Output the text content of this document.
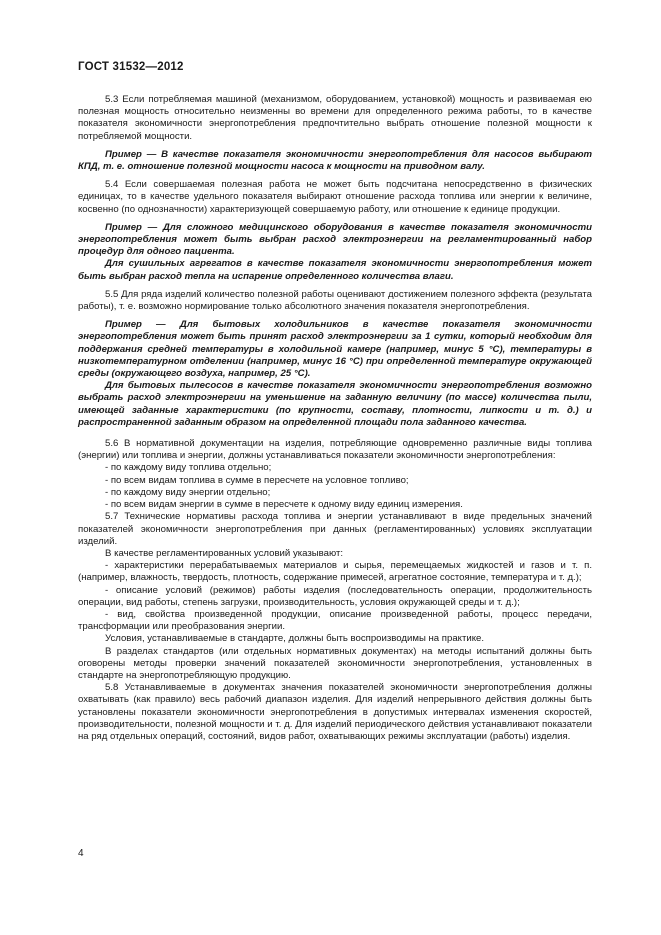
ГОСТ 31532—2012

5.3 Если потребляемая машиной (механизмом, оборудованием, установкой) мощность и развиваемая ею полезная мощность относительно неизменны во времени для определенного режима работы, то в качестве показателя экономичности энергопотребления предпочтительно выбрать отношение полезной мощности к потребляемой мощности.

Пример — В качестве показателя экономичности энергопотребления для насосов выбирают КПД, т. е. отношение полезной мощности насоса к мощности на приводном валу.

5.4 Если совершаемая полезная работа не может быть подсчитана непосредственно в физических единицах, то в качестве удельного показателя выбирают отношение расхода топлива или энергии к величине, косвенно (по однозначности) характеризующей совершаемую работу, или отношение к единице продукции.

Пример — Для сложного медицинского оборудования в качестве показателя экономичности энергопотребления может быть выбран расход электроэнергии на регламентированный набор процедур для одного пациента.

Для сушильных агрегатов в качестве показателя экономичности энергопотребления может быть выбран расход тепла на испарение определенного количества влаги.

5.5 Для ряда изделий количество полезной работы оценивают достижением полезного эффекта (результата работы), т. е. возможно нормирование только абсолютного значения показателя энергопотребления.

Пример — Для бытовых холодильников в качестве показателя экономичности энергопотребления может быть принят расход электроэнергии за 1 сутки, который необходим для поддержания средней температуры в холодильной камере (например, минус 5 °С), температуры в низкотемпературном отделении (например, минус 16 °С) при определенной температуре окружающей среды (окружающего воздуха, например, 25 °С).

Для бытовых пылесосов в качестве показателя экономичности энергопотребления возможно выбрать расход электроэнергии на уменьшение на заданную величину (по массе) количества пыли, имеющей заданные характеристики (по крупности, составу, плотности, липкости и т. д.) и распространенной заданным образом на определенной площади пола заданного качества.

5.6 В нормативной документации на изделия, потребляющие одновременно различные виды топлива (энергии) или топлива и энергии, должны устанавливаться показатели экономичности энергопотребления:

- по каждому виду топлива отдельно;

- по всем видам топлива в сумме в пересчете на условное топливо;

- по каждому виду энергии отдельно;

- по всем видам энергии в сумме в пересчете к одному виду единиц измерения.

5.7 Технические нормативы расхода топлива и энергии устанавливают в виде предельных значений показателей экономичности энергопотребления при данных (регламентированных) условиях эксплуатации изделий.

В качестве регламентированных условий указывают:

- характеристики перерабатываемых материалов и сырья, перемещаемых жидкостей и газов и т. п. (например, влажность, твердость, плотность, содержание примесей, агрегатное состояние, температура и т. д.);

- описание условий (режимов) работы изделия (последовательность операции, продолжительность операции, вид работы, степень загрузки, производительность, условия окружающей среды и т. д.);

- вид, свойства произведенной продукции, описание произведенной работы, процесс передачи, трансформации или преобразования энергии.

Условия, устанавливаемые в стандарте, должны быть воспроизводимы на практике.

В разделах стандартов (или отдельных нормативных документах) на методы испытаний должны быть оговорены методы проверки значений показателей экономичности энергопотребления, установленных в стандарте на энергопотребляющую продукцию.

5.8 Устанавливаемые в документах значения показателей экономичности энергопотребления должны охватывать (как правило) весь рабочий диапазон изделия. Для изделий непрерывного действия должны быть установлены показатели экономичности энергопотребления в допустимых интервалах изменения скоростей, производительности, полезной мощности и т. д. Для изделий периодического действия устанавливают показатели на ряд отдельных операций, состояний, видов работ, охватывающих режимы эксплуатации (работы) изделия.

4
